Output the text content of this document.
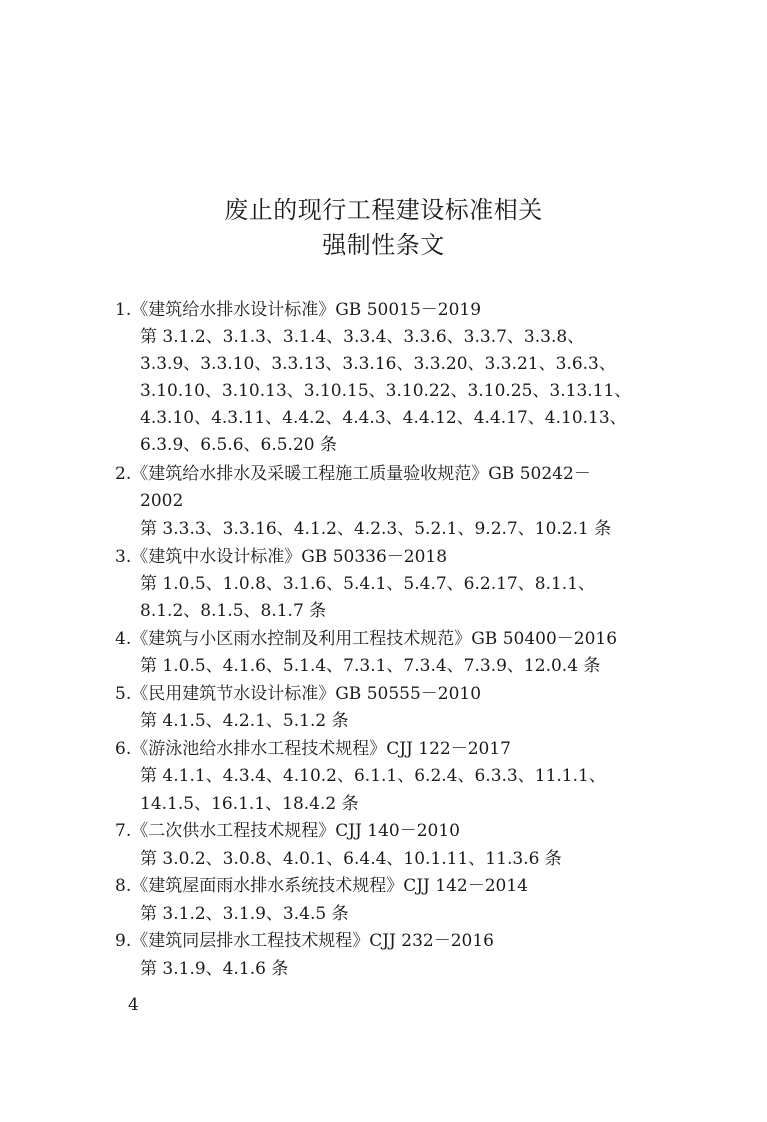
废止的现行工程建设标准相关
强制性条文
1.《建筑给水排水设计标准》GB 50015－2019
第 3.1.2、3.1.3、3.1.4、3.3.4、3.3.6、3.3.7、3.3.8、
3.3.9、3.3.10、3.3.13、3.3.16、3.3.20、3.3.21、3.6.3、
3.10.10、3.10.13、3.10.15、3.10.22、3.10.25、3.13.11、
4.3.10、4.3.11、4.4.2、4.4.3、4.4.12、4.4.17、4.10.13、
6.3.9、6.5.6、6.5.20 条
2.《建筑给水排水及采暖工程施工质量验收规范》GB 50242－
2002
第 3.3.3、3.3.16、4.1.2、4.2.3、5.2.1、9.2.7、10.2.1 条
3.《建筑中水设计标准》GB 50336－2018
第 1.0.5、1.0.8、3.1.6、5.4.1、5.4.7、6.2.17、8.1.1、
8.1.2、8.1.5、8.1.7 条
4.《建筑与小区雨水控制及利用工程技术规范》GB 50400－2016
第 1.0.5、4.1.6、5.1.4、7.3.1、7.3.4、7.3.9、12.0.4 条
5.《民用建筑节水设计标准》GB 50555－2010
第 4.1.5、4.2.1、5.1.2 条
6.《游泳池给水排水工程技术规程》CJJ 122－2017
第 4.1.1、4.3.4、4.10.2、6.1.1、6.2.4、6.3.3、11.1.1、
14.1.5、16.1.1、18.4.2 条
7.《二次供水工程技术规程》CJJ 140－2010
第 3.0.2、3.0.8、4.0.1、6.4.4、10.1.11、11.3.6 条
8.《建筑屋面雨水排水系统技术规程》CJJ 142－2014
第 3.1.2、3.1.9、3.4.5 条
9.《建筑同层排水工程技术规程》CJJ 232－2016
第 3.1.9、4.1.6 条
4
